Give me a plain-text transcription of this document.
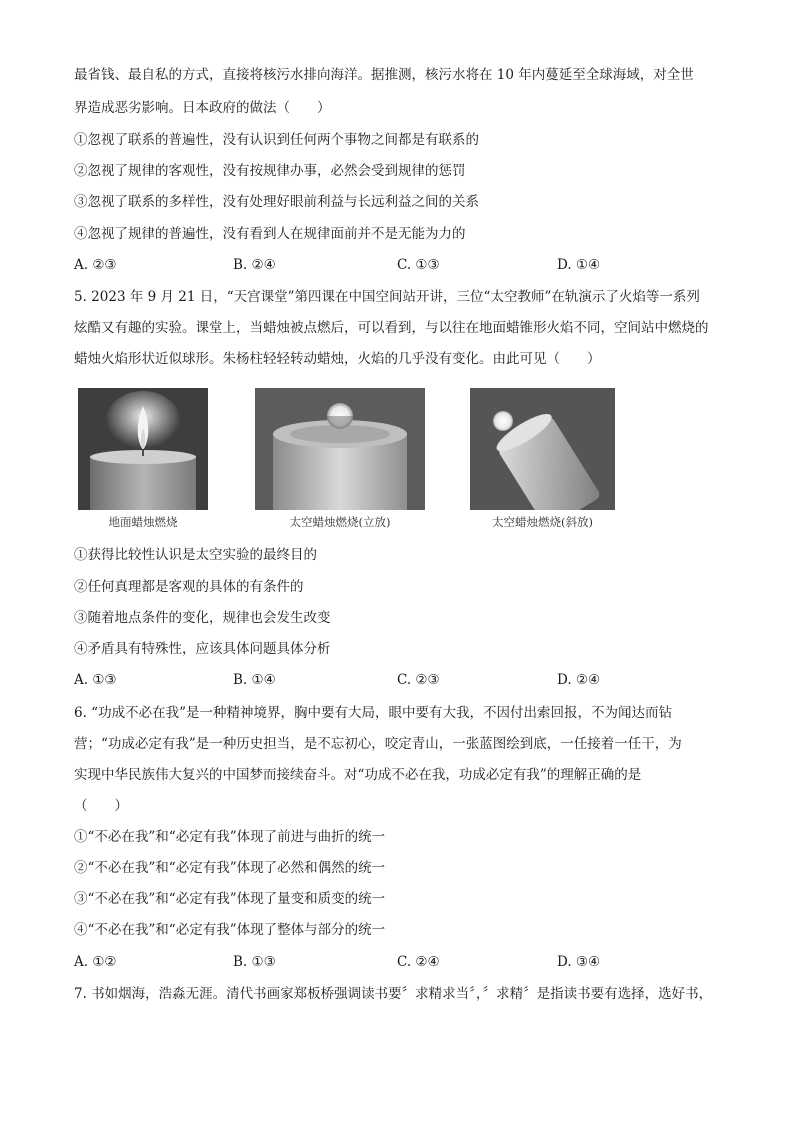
最省钱、最自私的方式，直接将核污水排向海洋。据推测，核污水将在 10 年内蔓延至全球海域，对全世
界造成恶劣影响。日本政府的做法（　　）
①忽视了联系的普遍性，没有认识到任何两个事物之间都是有联系的
②忽视了规律的客观性，没有按规律办事，必然会受到规律的惩罚
③忽视了联系的多样性，没有处理好眼前利益与长远利益之间的关系
④忽视了规律的普遍性，没有看到人在规律面前并不是无能为力的
A. ②③	B. ②④	C. ①③	D. ①④
5. 2023 年 9 月 21 日，“天宫课堂”第四课在中国空间站开讲，三位“太空教师”在轨演示了火焰等一系列
炫酷又有趣的实验。课堂上，当蜡烛被点燃后，可以看到，与以往在地面蜡锥形火焰不同，空间站中燃烧的
蜡烛火焰形状近似球形。朱杨柱轻轻转动蜡烛，火焰的几乎没有变化。由此可见（　　）
地面蜡烛燃烧	太空蜡烛燃烧(立放)	太空蜡烛燃烧(斜放)
①获得比较性认识是太空实验的最终目的
②任何真理都是客观的具体的有条件的
③随着地点条件的变化，规律也会发生改变
④矛盾具有特殊性，应该具体问题具体分析
A. ①③	B. ①④	C. ②③	D. ②④
6. “功成不必在我”是一种精神境界，胸中要有大局，眼中要有大我，不因付出索回报，不为闻达而钻
营；“功成必定有我”是一种历史担当，是不忘初心，咬定青山，一张蓝图绘到底，一任接着一任干，为
实现中华民族伟大复兴的中国梦而接续奋斗。对“功成不必在我，功成必定有我”的理解正确的是
（　　）
①“不必在我”和“必定有我”体现了前进与曲折的统一
②“不必在我”和“必定有我”体现了必然和偶然的统一
③“不必在我”和“必定有我”体现了量变和质变的统一
④“不必在我”和“必定有我”体现了整体与部分的统一
A. ①②	B. ①③	C. ②④	D. ③④
7. 书如烟海，浩淼无涯。清代书画家郑板桥强调读书要〞求精求当〞，〞求精〞是指读书要有选择，选好书，
